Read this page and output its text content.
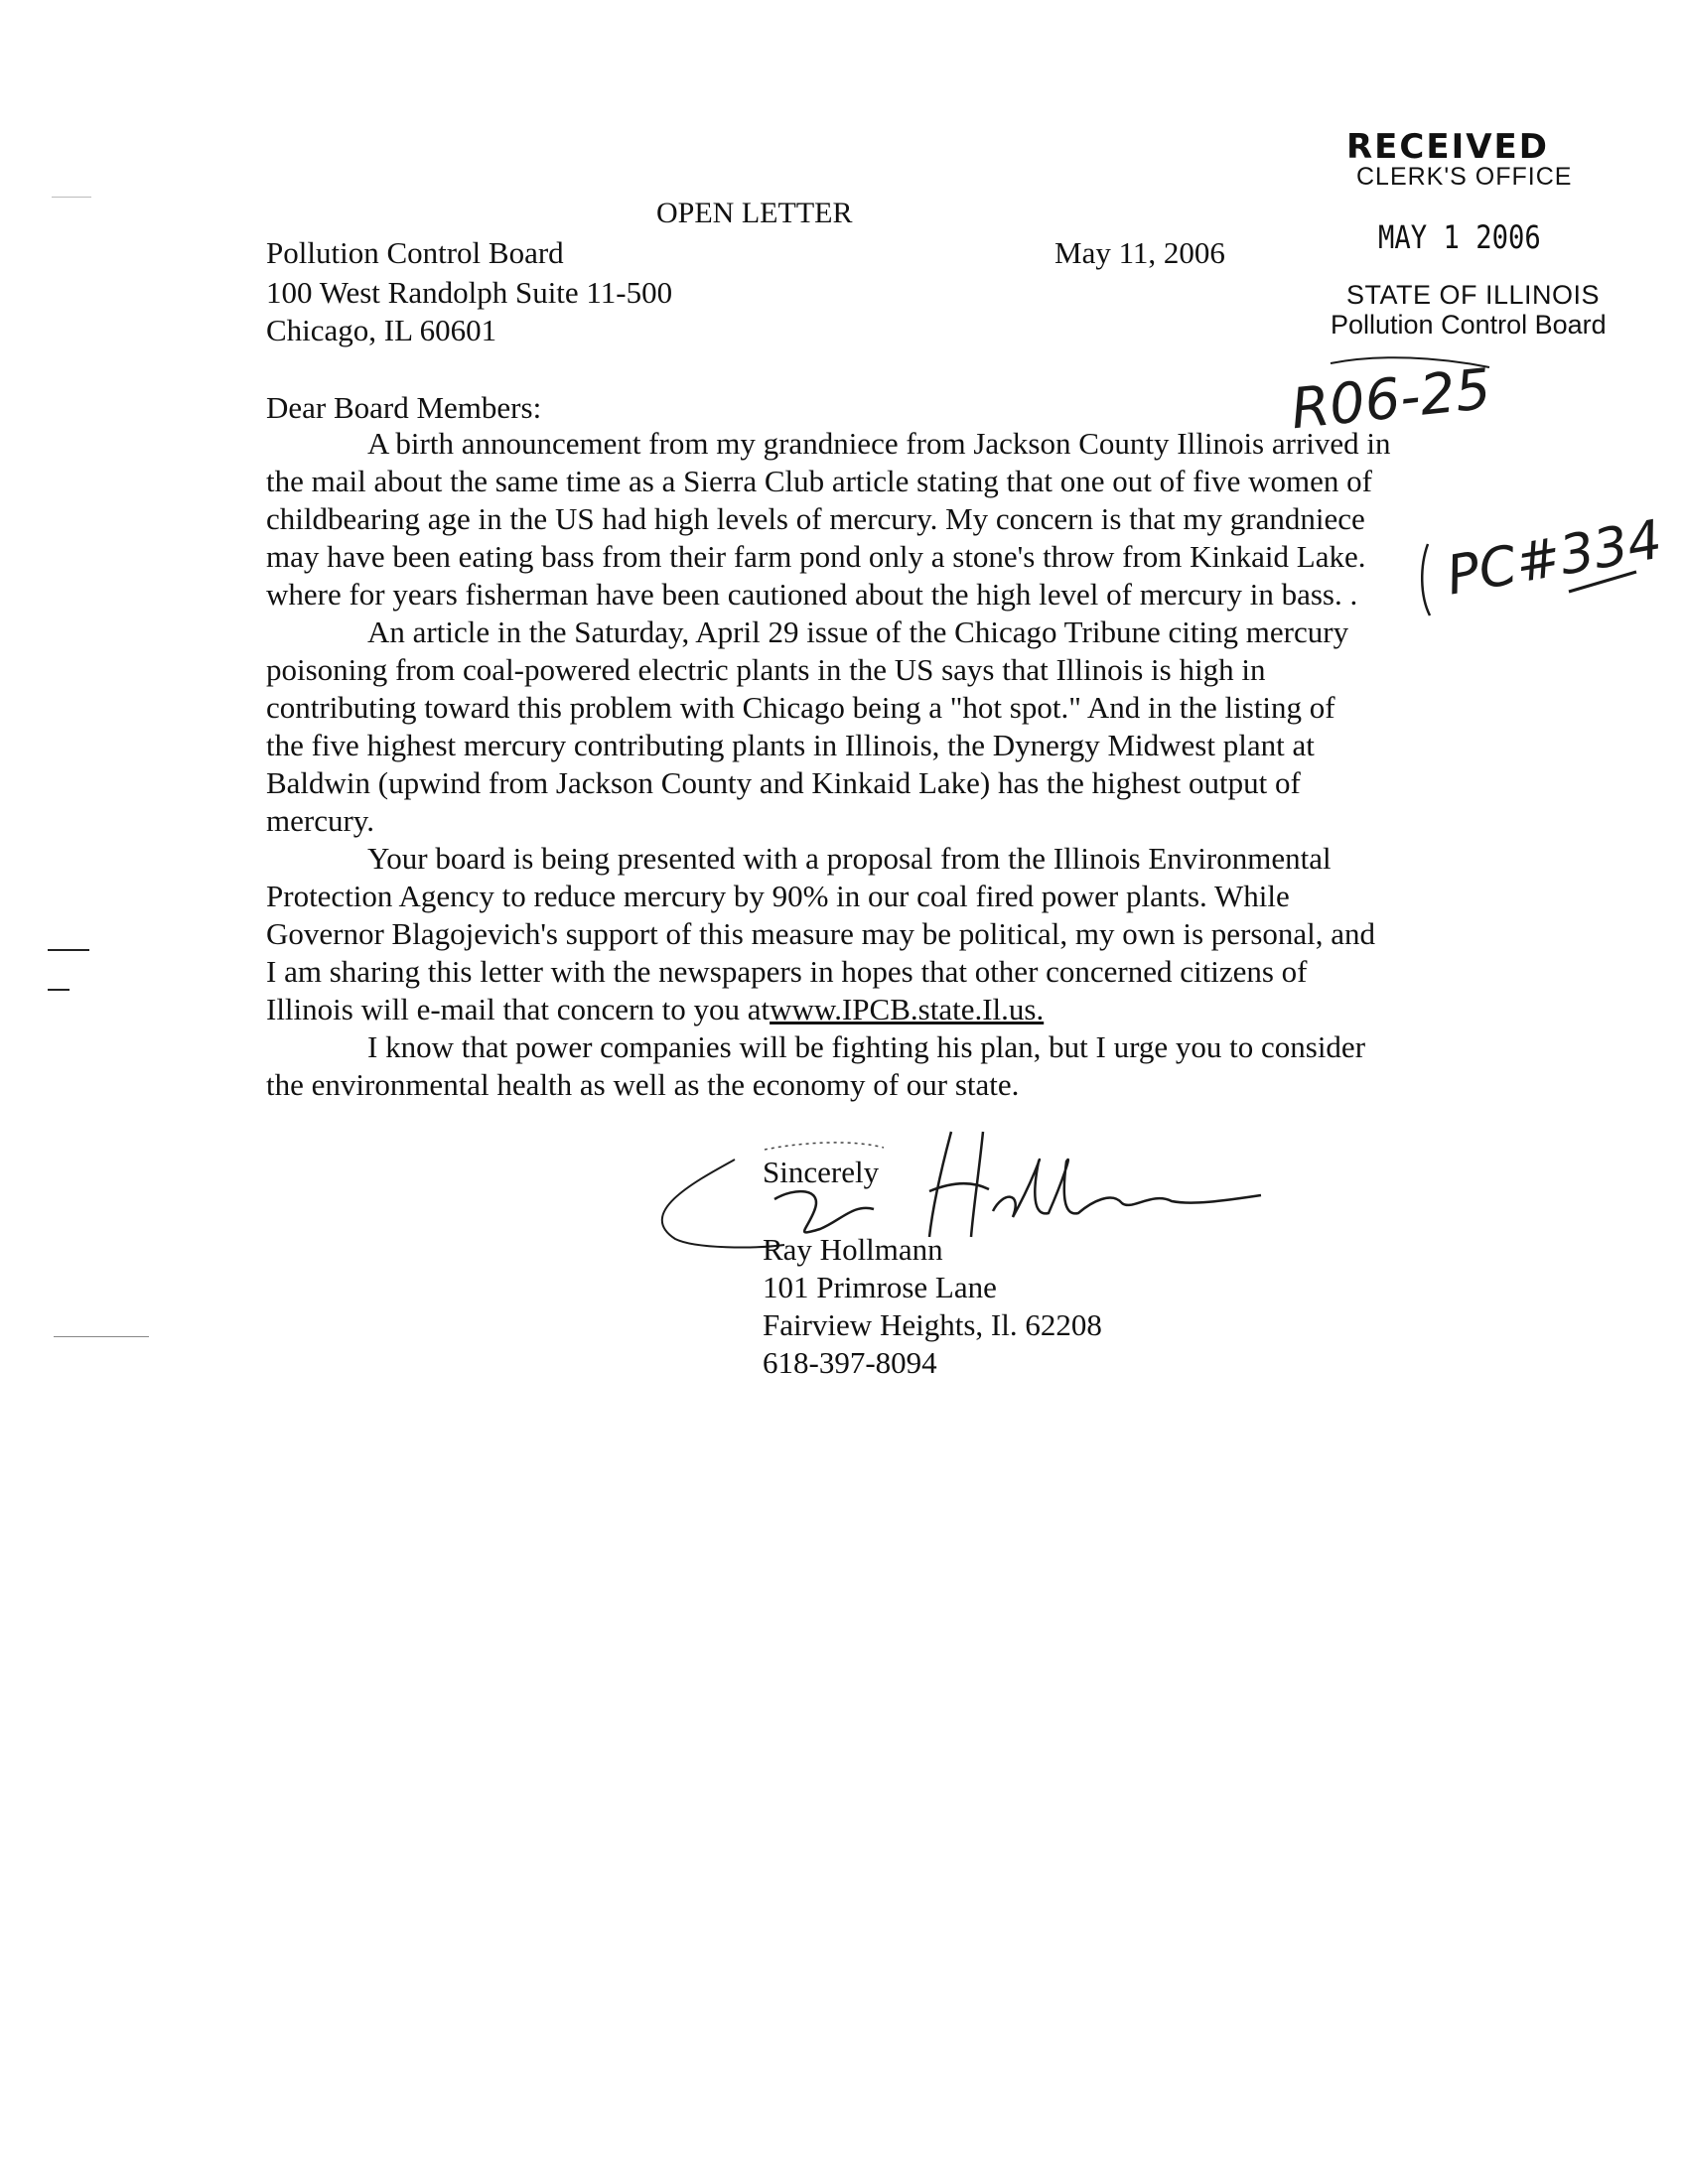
RECEIVED
CLERK'S OFFICE
MAY 1 2006
STATE OF ILLINOIS
Pollution Control Board
R06-25
PC#334
OPEN LETTER
May 11, 2006
Pollution Control Board
100 West Randolph Suite 11-500
Chicago, IL 60601
Dear Board Members:

A birth announcement from my grandniece from Jackson County Illinois arrived in

the mail about the same time as a Sierra Club article stating that one out of five women of
childbearing age in the US had high levels of mercury. My concern is that my grandniece
may have been eating bass from their farm pond only a stone's throw from Kinkaid Lake.
where for years fisherman have been cautioned about the high level of mercury in bass. .

An article in the Saturday, April 29 issue of the Chicago Tribune citing mercury

poisoning from coal-powered electric plants in the US says that Illinois is high in
contributing toward this problem with Chicago being a "hot spot." And in the listing of
the five highest mercury contributing plants in Illinois, the Dynergy Midwest plant at
Baldwin (upwind from Jackson County and Kinkaid Lake) has the highest output of
mercury.

Your board is being presented with a proposal from the Illinois Environmental

Protection Agency to reduce mercury by 90% in our coal fired power plants. While
Governor Blagojevich's support of this measure may be political, my own is personal, and
I am sharing this letter with the newspapers in hopes that other concerned citizens of
Illinois will e-mail that concern to you atwww.IPCB.state.Il.us.

I know that power companies will be fighting his plan, but I urge you to consider

the environmental health as well as the economy of our state.
Sincerely
Ray Hollmann
101 Primrose Lane
Fairview Heights, Il. 62208
618-397-8094
